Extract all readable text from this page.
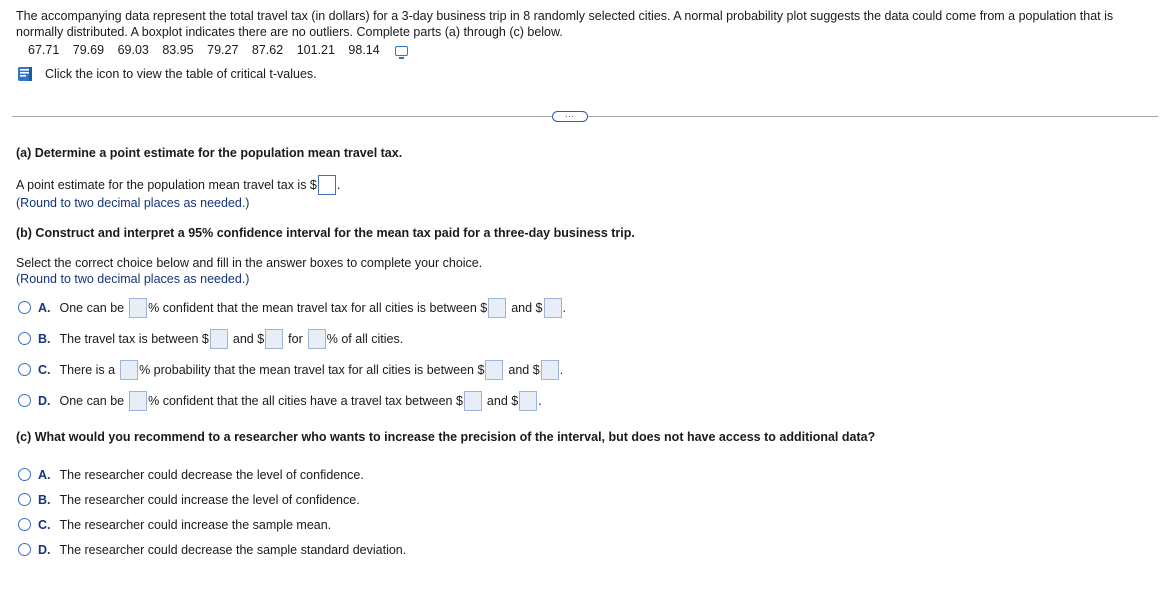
The accompanying data represent the total travel tax (in dollars) for a 3-day business trip in 8 randomly selected cities. A normal probability plot suggests the data could come from a population that is normally distributed. A boxplot indicates there are no outliers. Complete parts (a) through (c) below.
67.71 79.69 69.03 83.95 79.27 87.62 101.21 98.14
Click the icon to view the table of critical t-values.
…
(a) Determine a point estimate for the population mean travel tax.
A point estimate for the population mean travel tax is $ .
(Round to two decimal places as needed.)
(b) Construct and interpret a 95% confidence interval for the mean tax paid for a three-day business trip.
Select the correct choice below and fill in the answer boxes to complete your choice.
(Round to two decimal places as needed.)
A. One can be % confident that the mean travel tax for all cities is between $ and $ .
B. The travel tax is between $ and $ for % of all cities.
C. There is a % probability that the mean travel tax for all cities is between $ and $ .
D. One can be % confident that the all cities have a travel tax between $ and $ .
(c) What would you recommend to a researcher who wants to increase the precision of the interval, but does not have access to additional data?
A. The researcher could decrease the level of confidence.
B. The researcher could increase the level of confidence.
C. The researcher could increase the sample mean.
D. The researcher could decrease the sample standard deviation.
